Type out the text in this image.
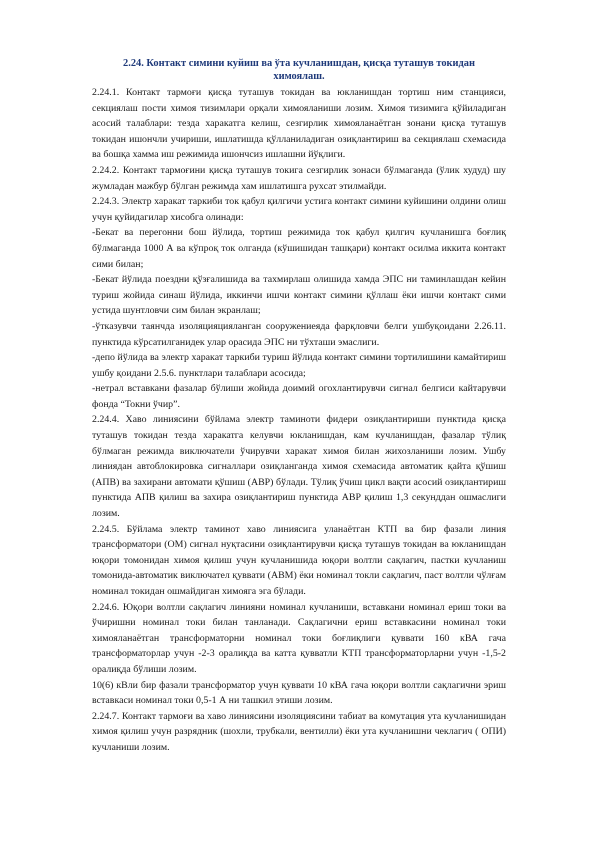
2.24. Контакт симини куйиш ва ўта кучланишдан, қисқа туташув токидан химоялаш.

2.24.1. Контакт тармоғи қисқа туташув токидан ва юкланишдан тортиш ним станцияси, секциялаш пости химоя тизимлари орқали химояланиши лозим. Химоя тизимига қўйиладиган асосий талаблари: тезда харакатга келиш, сезгирлик химояланаётган зонани қисқа туташув токидан ишончли учириши, ишлатишда қўлланиладиган озиқлантириш ва секциялаш схемасида ва бошқа хамма иш режимида ишончсиз ишлашни йўқлиги.

2.24.2. Контакт тармоғини қисқа туташув токига сезгирлик зонаси бўлмаганда (ўлик худуд) шу жумладан мажбур бўлган режимда хам ишлатишга рухсат этилмайди.

2.24.3. Электр харакат таркиби ток қабул қилгичи устига контакт симини куйишини олдини олиш учун қуйидагилар хисобга олинади:

-Бекат ва перегонни бош йўлида, тортиш режимида ток қабул қилгич кучланишга боғлиқ бўлмаганда 1000 А ва кўпроқ ток олганда (кўшишидан ташқари) контакт осилма иккита контакт сими билан;

-Бекат йўлида поездни қўзғалишида ва тахмирлаш олишида хамда ЭПС ни таминлашдан кейин туриш жойида синаш йўлида, иккинчи ишчи контакт симини қўллаш ёки ишчи контакт сими устида шунтловчи сим билан экранлаш;

-ўтказувчи таянчда изоляцияцияланган сооружениеяда фарқловчи белги ушбуқоидани 2.26.11. пунктида кўрсатилганидек улар орасида ЭПС ни тўхташи эмаслиги.

-депо йўлида ва электр харакат таркиби туриш йўлида контакт симини тортилишини камайтириш ушбу қоидани 2.5.6. пунктлари талаблари асосида;

-нетрал вставкани фазалар бўлиши жойида доимий огохлантирувчи сигнал белгиси кайтарувчи фонда “Токни ўчир”.

2.24.4. Хаво линиясини бўйлама электр таминоти фидери озиқлантириши пунктида қисқа туташув токидан тезда харакатга келувчи юкланишдан, кам кучланишдан, фазалар тўлиқ бўлмаган режимда виключатели ўчирувчи харакат химоя билан жихозланиши лозим. Ушбу линиядан автоблокировка сигналлари озиқланганда химоя схемасида автоматик қайта қўшиш (АПВ) ва захирани автомати қўшиш (АВР) бўлади. Тўлиқ ўчиш цикл вақти асосий озиқлантириш пунктида АПВ қилиш ва захира озиқлантириш пунктида АВР қилиш 1,3 секунддан ошмаслиги лозим.

2.24.5. Бўйлама электр таминот хаво линиясига уланаётган КТП ва бир фазали линия трансформатори (ОМ) сигнал нуқтасини озиқлантирувчи қисқа туташув токидан ва юкланишдан юқори томонидан химоя қилиш учун кучланишида юқори волтли сақлагич, пастки кучланиш томонида-автоматик виключател қуввати (АВМ) ёки номинал токли сақлагич, паст волтли чўлғам номинал токидан ошмайдиган химояга эга бўлади.

2.24.6. Юқори волтли сақлагич линияни номинал кучланиши, вставкани номинал ериш токи ва ўчиришни номинал токи билан танланади. Сақлагични ериш вставкасини номинал токи химояланаётган трансформаторни номинал токи боғлиқлиги қуввати 160 кВА гача трансформаторлар учун -2-3 оралиқда ва катта қувватли КТП трансформаторларни учун -1,5-2 оралиқда бўлиши лозим.

10(6) кВли бир фазали трансформатор учун қуввати 10 кВА гача юқори волтли сақлагични эриш вставкаси номинал токи 0,5-1 А ни ташкил этиши лозим.

2.24.7. Контакт тармоғи ва хаво линиясини изоляциясини табиат ва комутация ута кучланишидан химоя қилиш учун разрядник (шохли, трубкали, вентилли) ёки ута кучланишни чеклагич ( ОПИ) кучланиши лозим.
